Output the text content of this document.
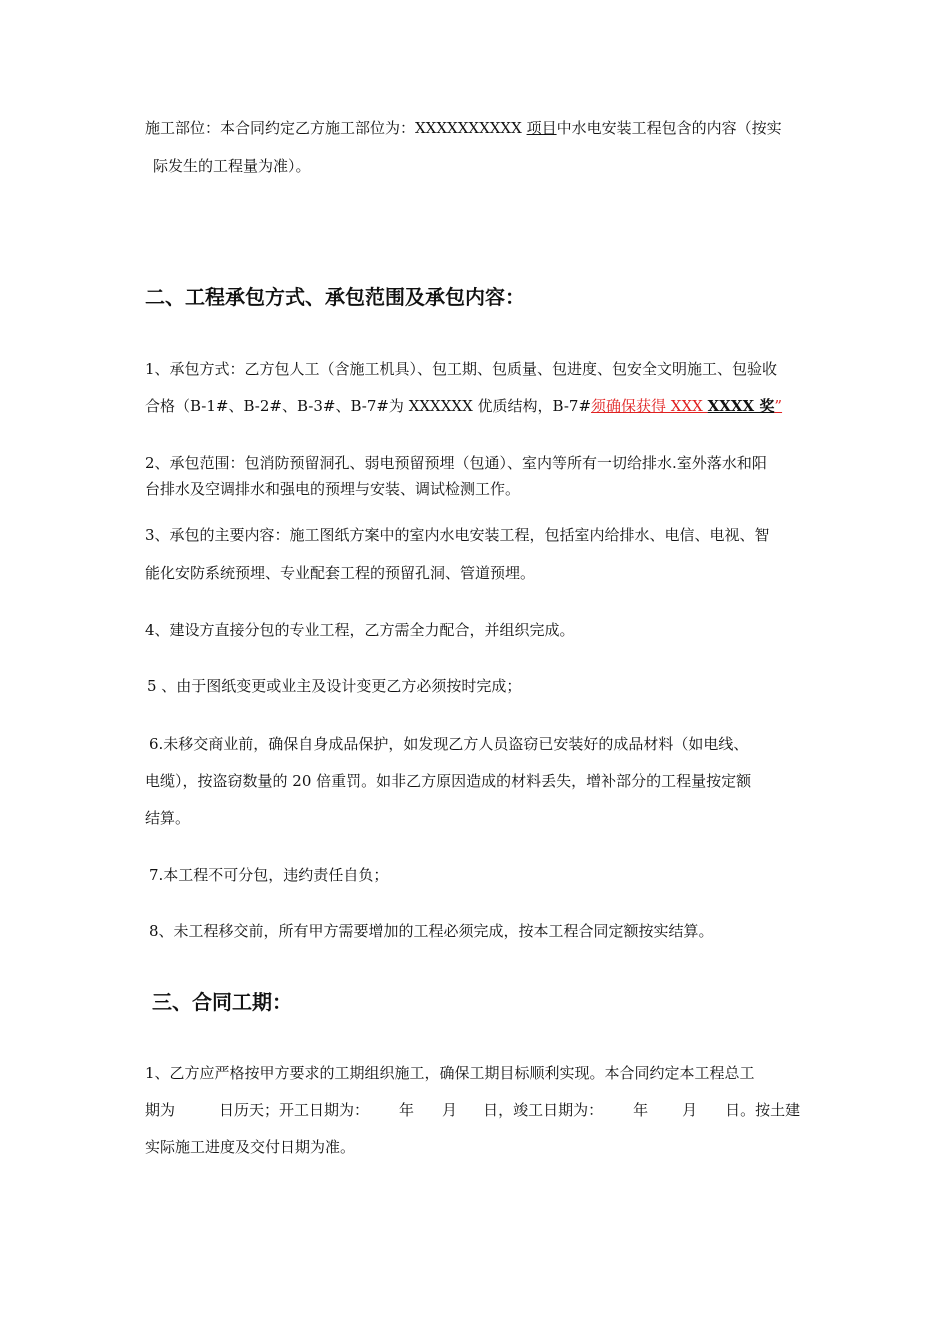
施工部位：本合同约定乙方施工部位为：XXXXXXXXXX 项目中水电安装工程包含的内容（按实
际发生的工程量为准）。
二、工程承包方式、承包范围及承包内容：
1、承包方式：乙方包人工（含施工机具）、包工期、包质量、包进度、包安全文明施工、包验收
合格（B-1#、B-2#、B-3#、B-7#为 XXXXXX 优质结构，B-7#须确保获得 XXX XXXX 奖”
2、承包范围：包消防预留洞孔、弱电预留预埋（包通）、室内等所有一切给排水.室外落水和阳
台排水及空调排水和强电的预埋与安装、调试检测工作。
3、承包的主要内容：施工图纸方案中的室内水电安装工程，包括室内给排水、电信、电视、智
能化安防系统预埋、专业配套工程的预留孔洞、管道预埋。
4、建设方直接分包的专业工程，乙方需全力配合，并组织完成。
5 、由于图纸变更或业主及设计变更乙方必须按时完成；
6.未移交商业前，确保自身成品保护，如发现乙方人员盗窃已安装好的成品材料（如电线、
电缆），按盗窃数量的 20 倍重罚。如非乙方原因造成的材料丢失，增补部分的工程量按定额
结算。
7.本工程不可分包，违约责任自负；
8、未工程移交前，所有甲方需要增加的工程必须完成，按本工程合同定额按实结算。
三、合同工期：
1、乙方应严格按甲方要求的工期组织施工，确保工期目标顺利实现。本合同约定本工程总工
期为	日历天；开工日期为： 年 月 日，竣工日期为： 年 月 日。按土建
实际施工进度及交付日期为准。
